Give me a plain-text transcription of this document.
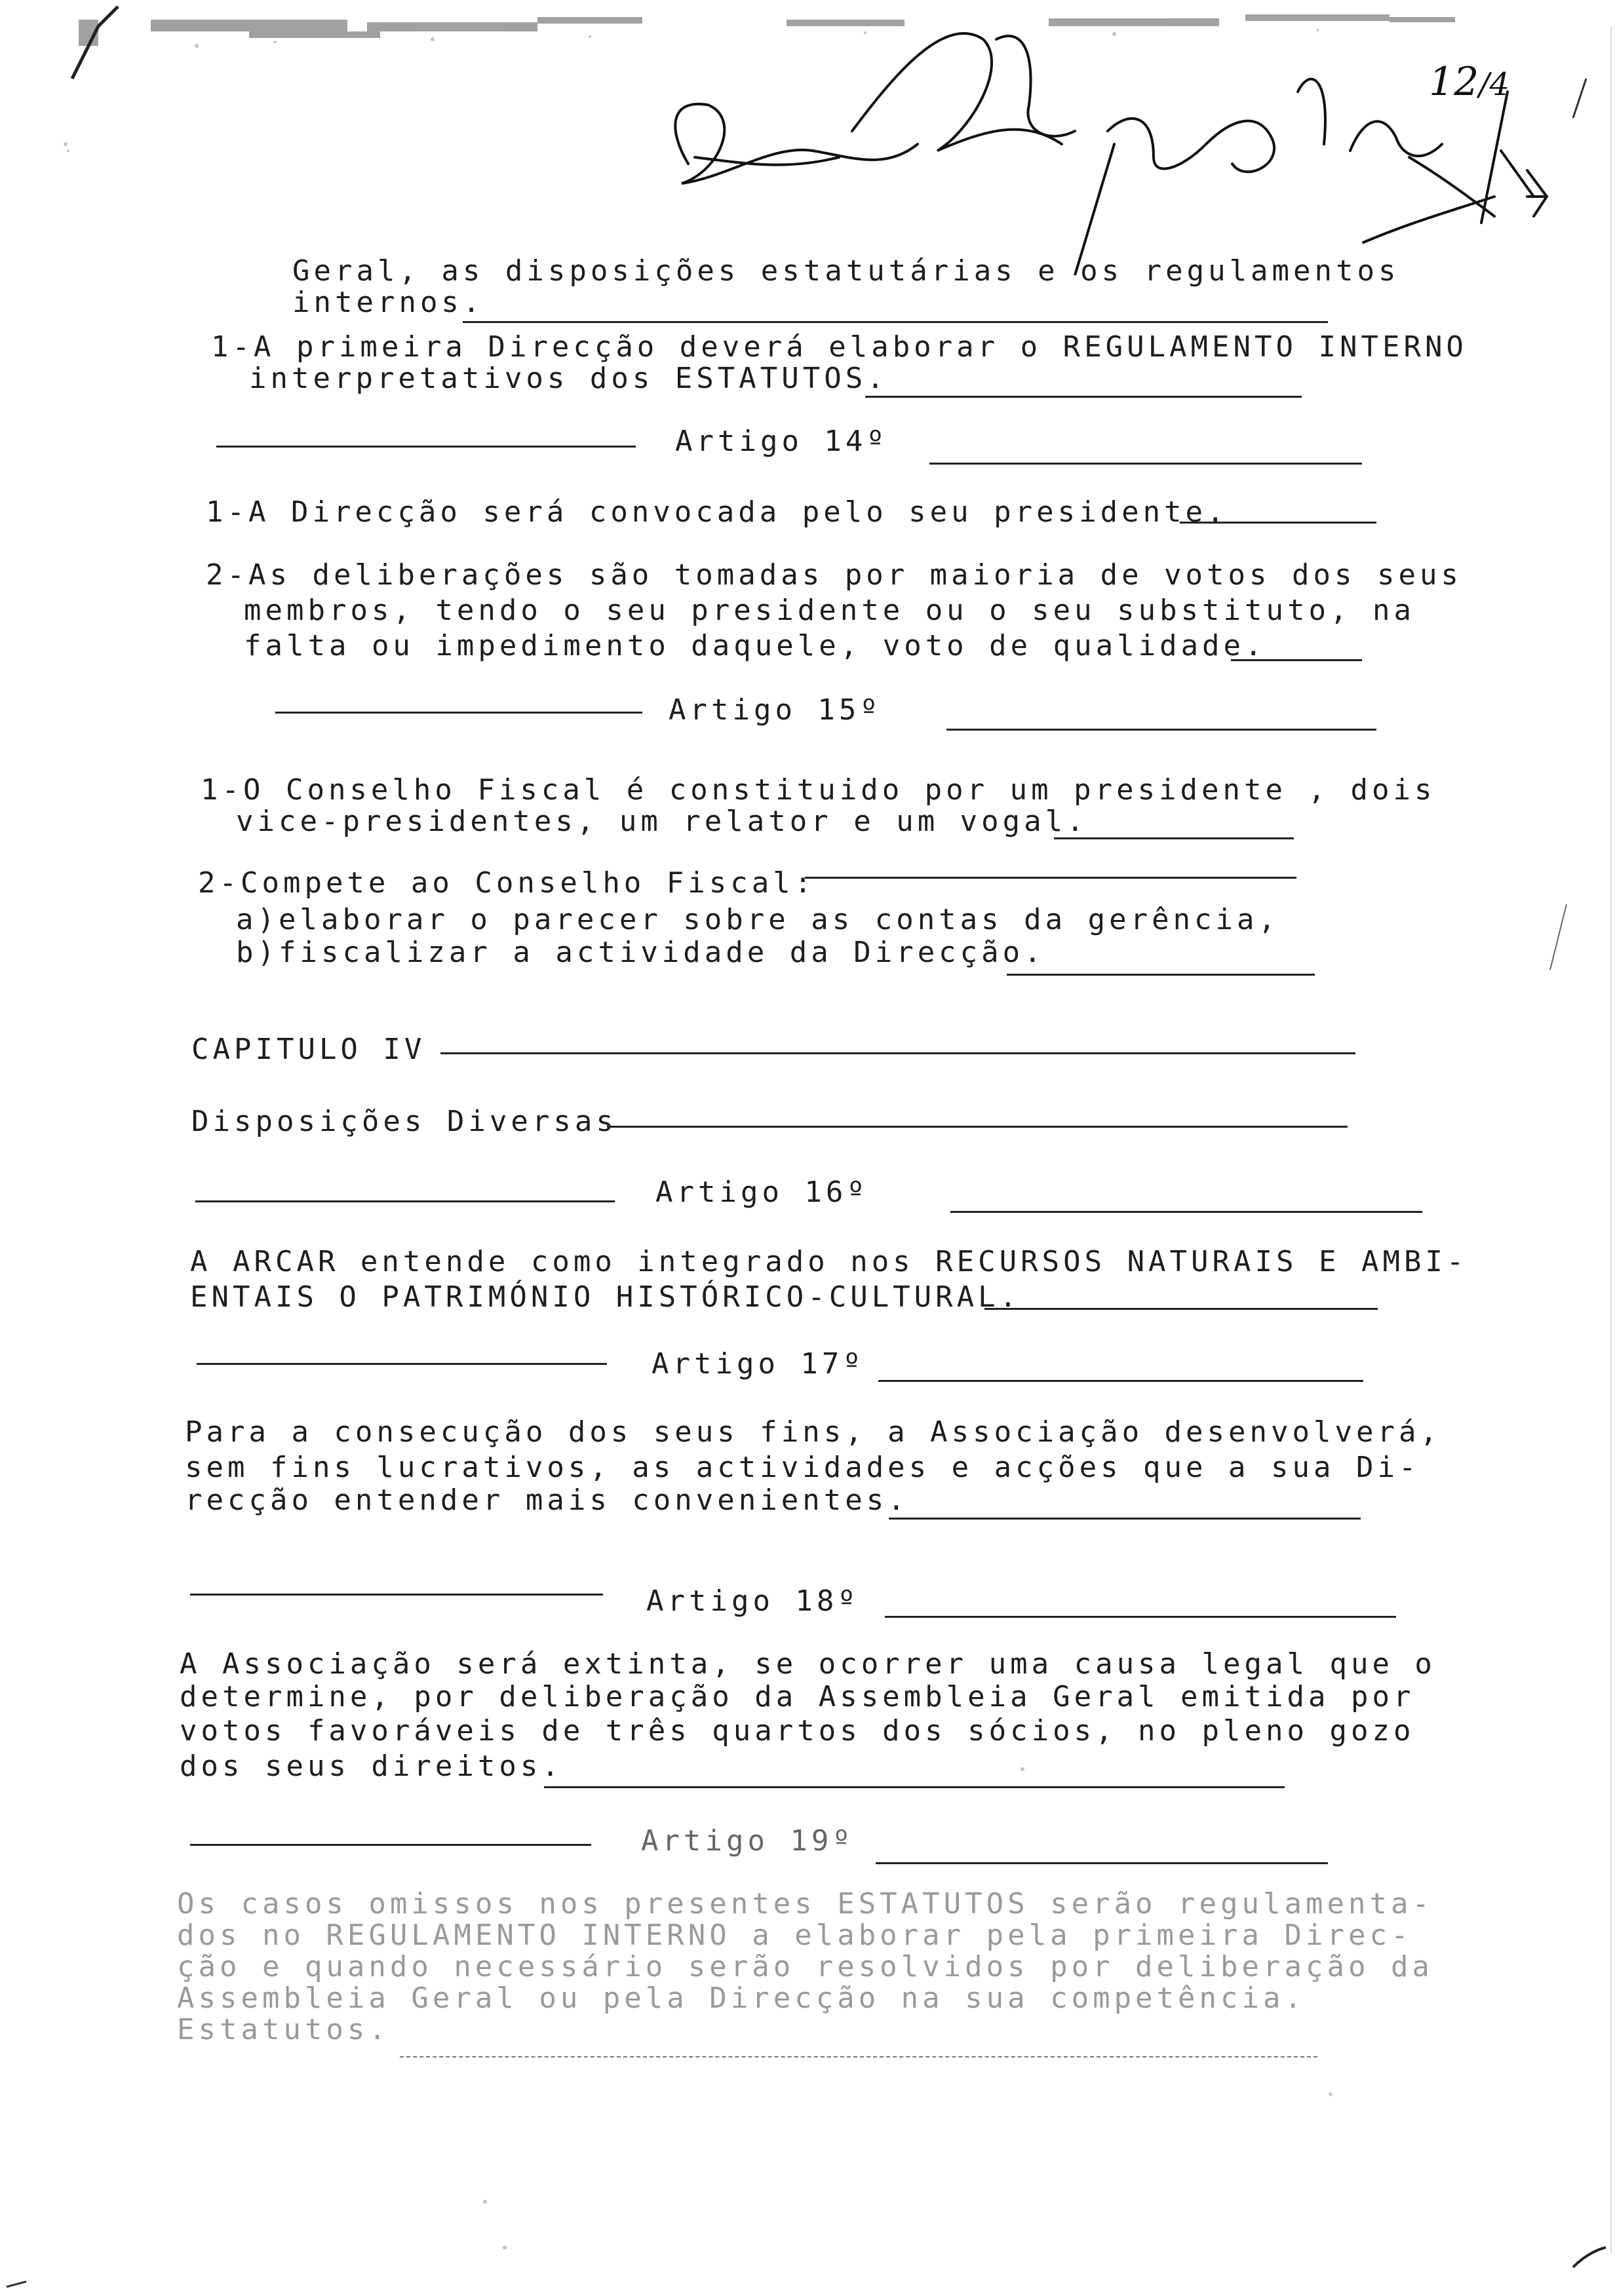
12/4
Geral, as disposições estatutárias e os regulamentos
internos.
1-A primeira Direcção deverá elaborar o REGULAMENTO INTERNO
interpretativos dos ESTATUTOS.
Artigo 14º
1-A Direcção será convocada pelo seu presidente.
2-As deliberações são tomadas por maioria de votos dos seus
membros, tendo o seu presidente ou o seu substituto, na
falta ou impedimento daquele, voto de qualidade.
Artigo 15º
1-O Conselho Fiscal é constituido por um presidente , dois
vice-presidentes, um relator e um vogal.
2-Compete ao Conselho Fiscal:
a)elaborar o parecer sobre as contas da gerência,
b)fiscalizar a actividade da Direcção.
CAPITULO IV
Disposições Diversas
Artigo 16º
A ARCAR entende como integrado nos RECURSOS NATURAIS E AMBI-
ENTAIS O PATRIMÓNIO HISTÓRICO-CULTURAL.
Artigo 17º
Para a consecução dos seus fins, a Associação desenvolverá,
sem fins lucrativos, as actividades e acções que a sua Di-
recção entender mais convenientes.
Artigo 18º
A Associação será extinta, se ocorrer uma causa legal que o
determine, por deliberação da Assembleia Geral emitida por
votos favoráveis de três quartos dos sócios, no pleno gozo
dos seus direitos.
Artigo 19º
Os casos omissos nos presentes ESTATUTOS serão regulamenta-
dos no REGULAMENTO INTERNO a elaborar pela primeira Direc-
ção e quando necessário serão resolvidos por deliberação da
Assembleia Geral ou pela Direcção na sua competência.
Estatutos.
